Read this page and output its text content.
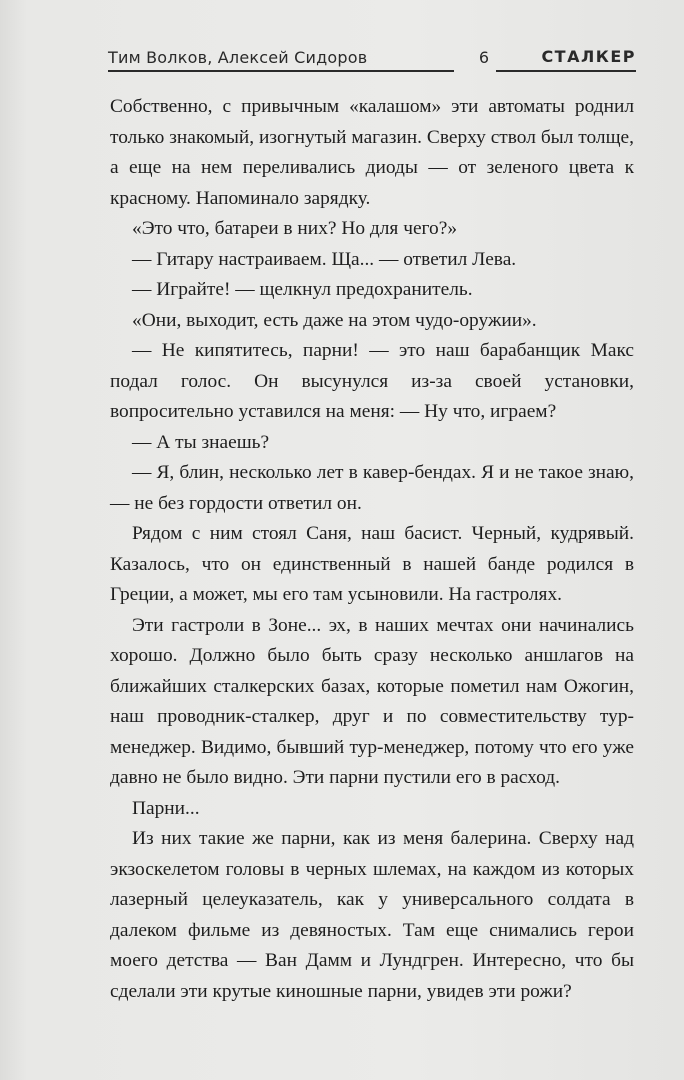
Тим Волков, Алексей Сидоров	6	СТАЛКЕР

Собственно, с привычным «калашом» эти автоматы роднил только знакомый, изогнутый магазин. Сверху ствол был толще, а еще на нем переливались диоды — от зеленого цвета к красному. Напоминало зарядку.

«Это что, батареи в них? Но для чего?»

— Гитару настраиваем. Ща... — ответил Лева.

— Играйте! — щелкнул предохранитель.

«Они, выходит, есть даже на этом чудо-оружии».

— Не кипятитесь, парни! — это наш барабанщик Макс подал голос. Он высунулся из-за своей установки, вопросительно уставился на меня: — Ну что, играем?

— А ты знаешь?

— Я, блин, несколько лет в кавер-бендах. Я и не такое знаю, — не без гордости ответил он.

Рядом с ним стоял Саня, наш басист. Черный, кудрявый. Казалось, что он единственный в нашей банде родился в Греции, а может, мы его там усыновили. На гастролях.

Эти гастроли в Зоне... эх, в наших мечтах они начинались хорошо. Должно было быть сразу несколько аншлагов на ближайших сталкерских базах, которые пометил нам Ожогин, наш проводник-сталкер, друг и по совместительству тур-менеджер. Видимо, бывший тур-менеджер, потому что его уже давно не было видно. Эти парни пустили его в расход.

Парни...

Из них такие же парни, как из меня балерина. Сверху над экзоскелетом головы в черных шлемах, на каждом из которых лазерный целеуказатель, как у универсального солдата в далеком фильме из девяностых. Там еще снимались герои моего детства — Ван Дамм и Лундгрен. Интересно, что бы сделали эти крутые киношные парни, увидев эти рожи?
